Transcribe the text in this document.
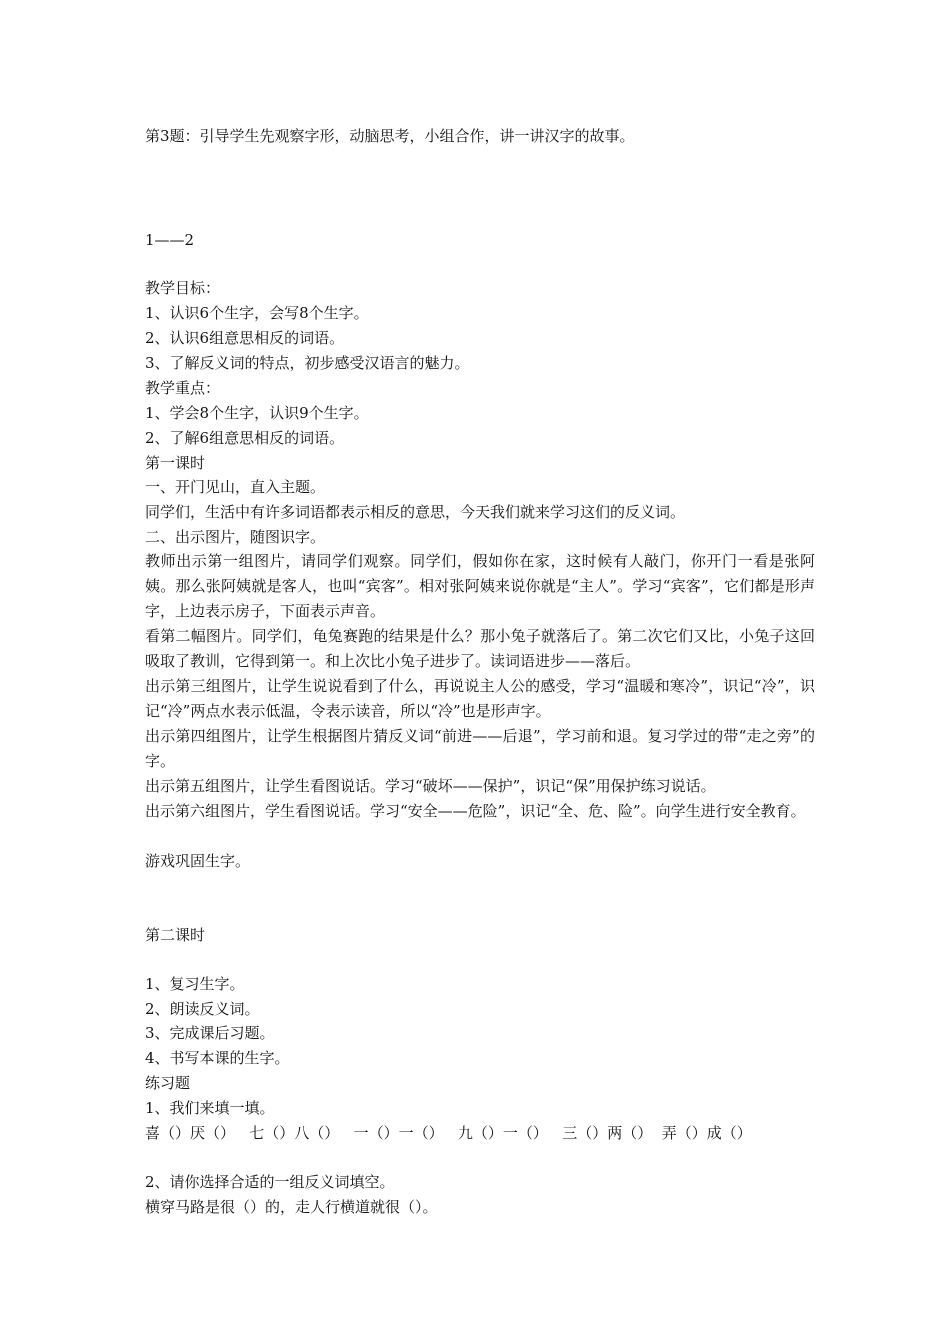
第3题：引导学生先观察字形，动脑思考，小组合作，讲一讲汉字的故事。
1——2
教学目标：
1、认识6个生字，会写8个生字。
2、认识6组意思相反的词语。
3、了解反义词的特点，初步感受汉语言的魅力。
教学重点：
1、学会8个生字，认识9个生字。
2、了解6组意思相反的词语。
第一课时
一、开门见山，直入主题。
同学们，生活中有许多词语都表示相反的意思，今天我们就来学习这们的反义词。
二、出示图片，随图识字。
教师出示第一组图片，请同学们观察。同学们，假如你在家，这时候有人敲门，你开门一看是张阿姨。那么张阿姨就是客人，也叫“宾客”。相对张阿姨来说你就是“主人”。学习“宾客”，它们都是形声字，上边表示房子，下面表示声音。
看第二幅图片。同学们，龟兔赛跑的结果是什么？那小兔子就落后了。第二次它们又比，小兔子这回吸取了教训，它得到第一。和上次比小兔子进步了。读词语进步——落后。
出示第三组图片，让学生说说看到了什么，再说说主人公的感受，学习“温暖和寒冷”，识记“冷”，识记“冷”两点水表示低温，令表示读音，所以“冷”也是形声字。
出示第四组图片，让学生根据图片猜反义词“前进——后退”，学习前和退。复习学过的带“走之旁”的字。
出示第五组图片，让学生看图说话。学习“破坏——保护”，识记“保”用保护练习说话。
出示第六组图片，学生看图说话。学习“安全——危险”，识记“全、危、险”。向学生进行安全教育。
游戏巩固生字。
第二课时
1、复习生字。
2、朗读反义词。
3、完成课后习题。
4、书写本课的生字。
练习题
1、我们来填一填。
喜（）厌（）   七（）八（）   一（）一（）   九（）一（）   三（）两（）  弄（）成（）
2、请你选择合适的一组反义词填空。
横穿马路是很（）的，走人行横道就很（）。
